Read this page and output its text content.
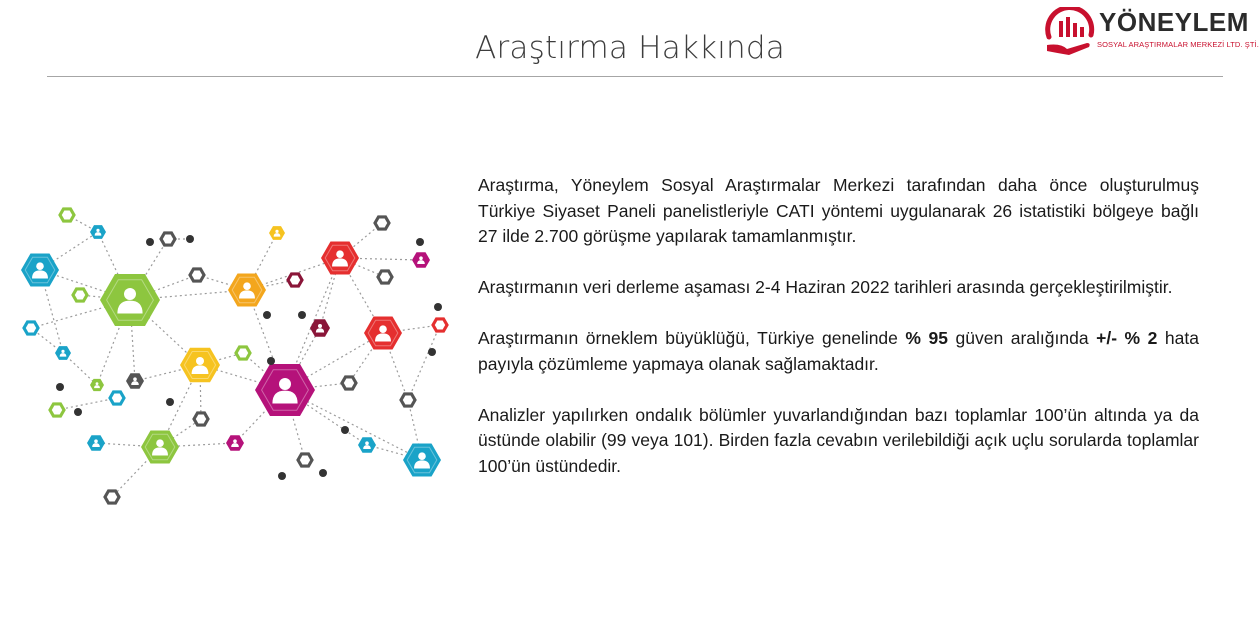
Araştırma Hakkında
YÖNEYLEM
SOSYAL ARAŞTIRMALAR MERKEZİ LTD. ŞTİ.

Araştırma, Yöneylem Sosyal Araştırmalar Merkezi tarafından daha önce oluşturulmuş Türkiye Siyaset Paneli panelistleriyle CATI yöntemi uygulanarak 26 istatistiki bölgeye bağlı 27 ilde 2.700 görüşme yapılarak tamamlanmıştır.

Araştırmanın veri derleme aşaması 2-4 Haziran 2022 tarihleri arasında gerçekleştirilmiştir.

Araştırmanın örneklem büyüklüğü, Türkiye genelinde % 95 güven aralığında +/- % 2 hata payıyla çözümleme yapmaya olanak sağlamaktadır.

Analizler yapılırken ondalık bölümler yuvarlandığından bazı toplamlar 100’ün altında ya da üstünde olabilir (99 veya 101). Birden fazla cevabın verilebildiği açık uçlu sorularda toplamlar 100’ün üstündedir.
